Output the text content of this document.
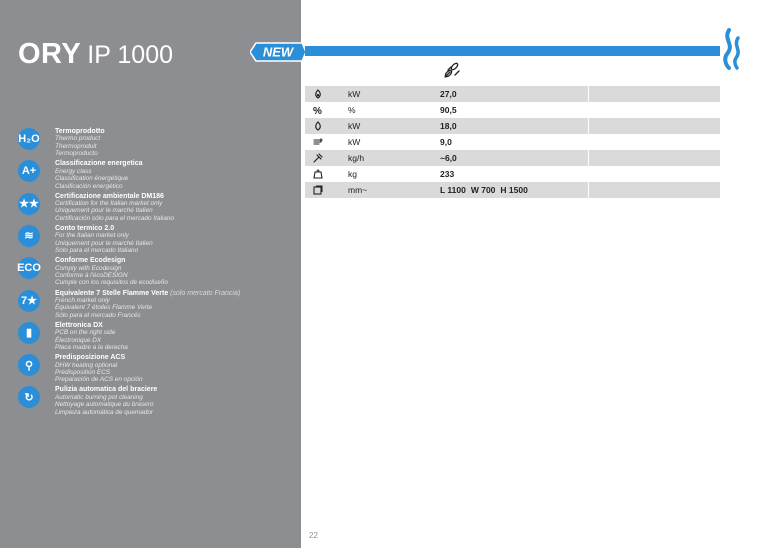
ORY IP 1000
H₂O
Termoprodotto
Thermo product
Thermoproduit
Termoproducto
A+
Classificazione energetica
Energy class
Classification énergétique
Clasificación energético
★★
Certificazione ambientale DM186
Certification for the Italian market only
Uniquement pour le marché Italien
Certificación sólo para el mercado Italiano
≋
Conto termico 2.0
For the Italian market only
Uniquement pour le marché Italien
Sólo para el mercado Italiano
ECO
Conforme Ecodesign
Comply with Ecodesign
Conforme à l'écoDESIGN
Cumple con los requisitos de ecodiseño
7★
Equivalente 7 Stelle Flamme Verte (solo mercato Francia)
French market only
Équivalent 7 étoiles Flamme Verte
Sólo para el mercado Francés
▮
Elettronica DX
PCB on the right side
Électronique DX
Placa madre a la derecha
⚲
Predisposizione ACS
DHW heating optional
Prédisposition ECS
Preparación de ACS en opción
↻
Pulizia automatica del braciere
Automatic burning pot cleaning
Nettoyage automatique du brasero
Limpieza automática de quemador
NEW
kW	27,0
%	%	90,5
kW	18,0
kW	9,0
kg/h	~6,0
kg	233
mm~	L 1100 W 700 H 1500
22
